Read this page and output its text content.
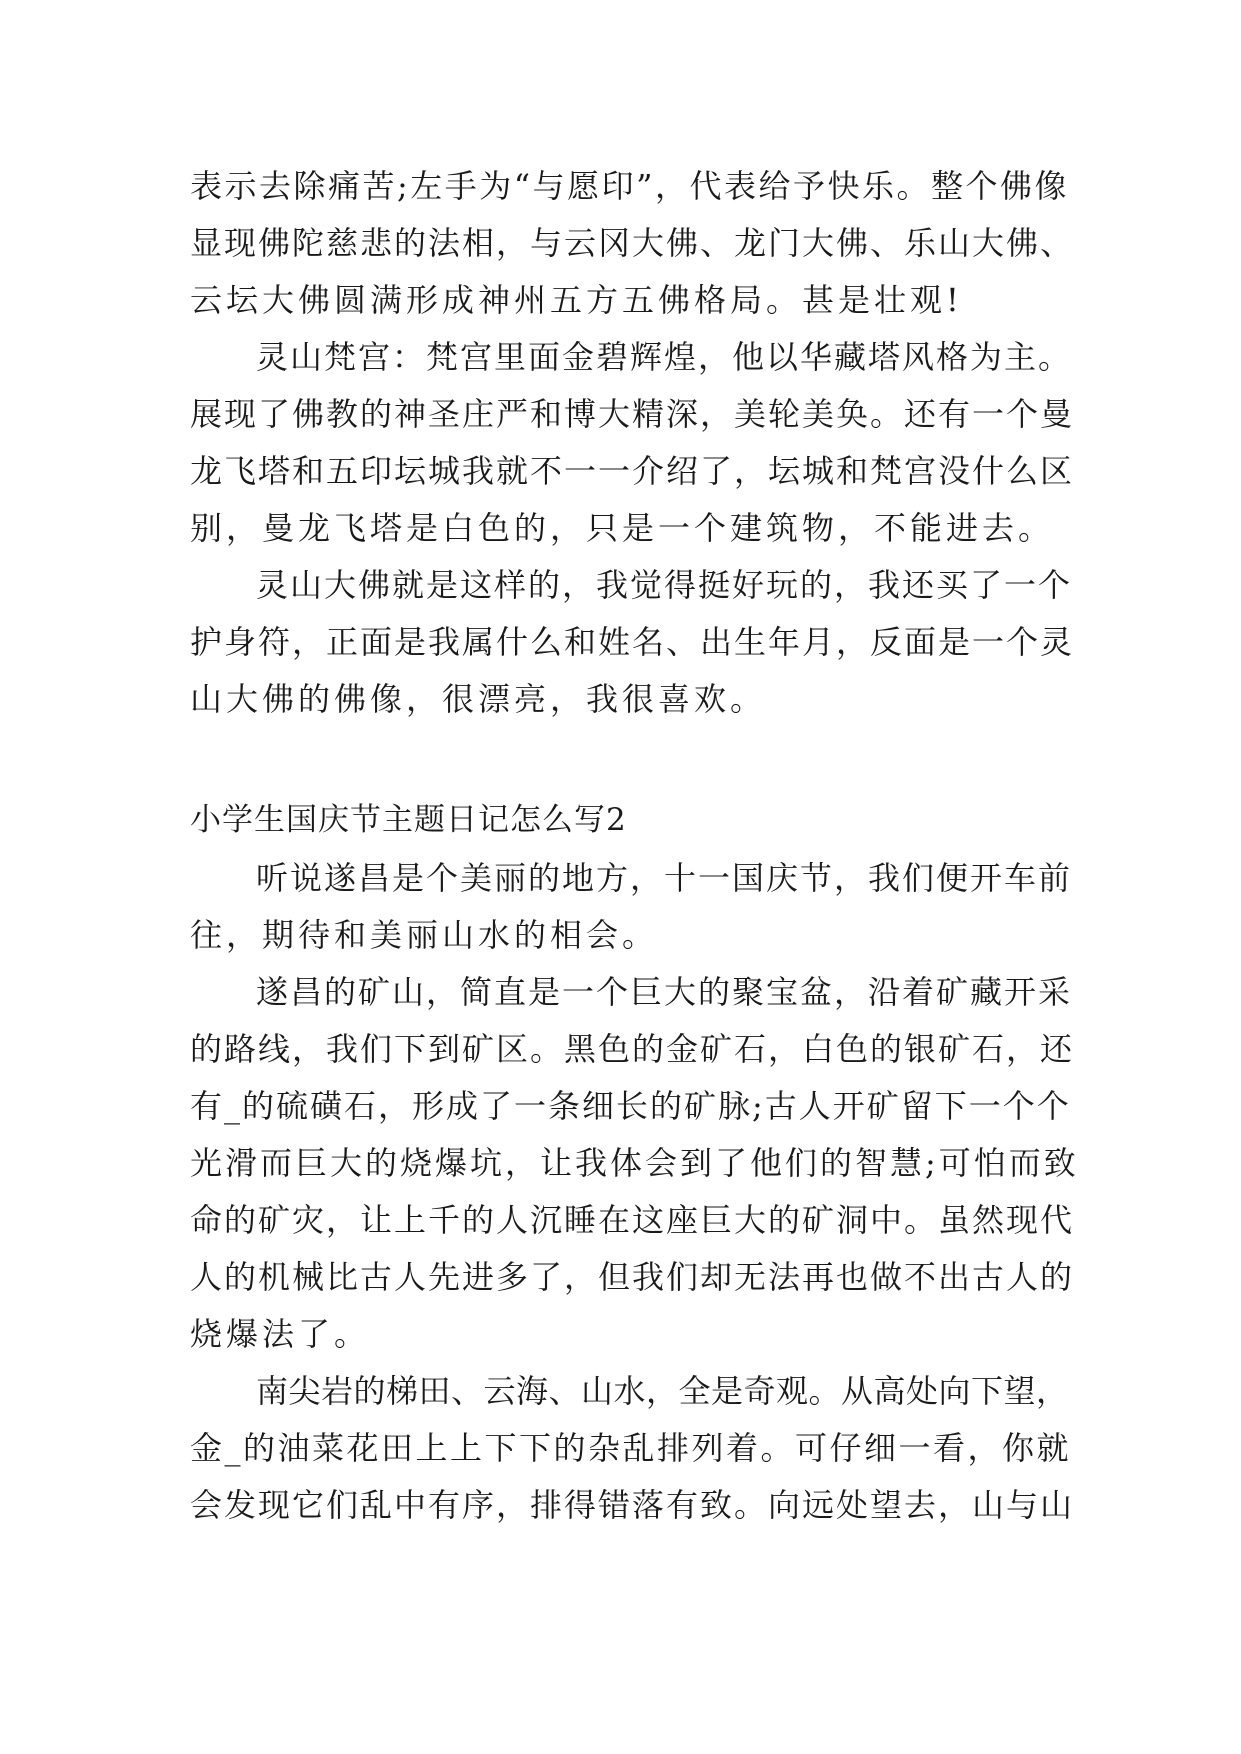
表示去除痛苦;左手为“与愿印”，代表给予快乐。整个佛像
显现佛陀慈悲的法相，与云冈大佛、龙门大佛、乐山大佛、
云坛大佛圆满形成神州五方五佛格局。甚是壮观!
灵山梵宫：梵宫里面金碧辉煌，他以华藏塔风格为主。
展现了佛教的神圣庄严和博大精深，美轮美奂。还有一个曼
龙飞塔和五印坛城我就不一一介绍了，坛城和梵宫没什么区
别，曼龙飞塔是白色的，只是一个建筑物，不能进去。
灵山大佛就是这样的，我觉得挺好玩的，我还买了一个
护身符，正面是我属什么和姓名、出生年月，反面是一个灵
山大佛的佛像，很漂亮，我很喜欢。
小学生国庆节主题日记怎么写2
听说遂昌是个美丽的地方，十一国庆节，我们便开车前
往，期待和美丽山水的相会。
遂昌的矿山，简直是一个巨大的聚宝盆，沿着矿藏开采
的路线，我们下到矿区。黑色的金矿石，白色的银矿石，还
有_的硫磺石，形成了一条细长的矿脉;古人开矿留下一个个
光滑而巨大的烧爆坑，让我体会到了他们的智慧;可怕而致
命的矿灾，让上千的人沉睡在这座巨大的矿洞中。虽然现代
人的机械比古人先进多了，但我们却无法再也做不出古人的
烧爆法了。
南尖岩的梯田、云海、山水，全是奇观。从高处向下望，
金_的油菜花田上上下下的杂乱排列着。可仔细一看，你就
会发现它们乱中有序，排得错落有致。向远处望去，山与山
